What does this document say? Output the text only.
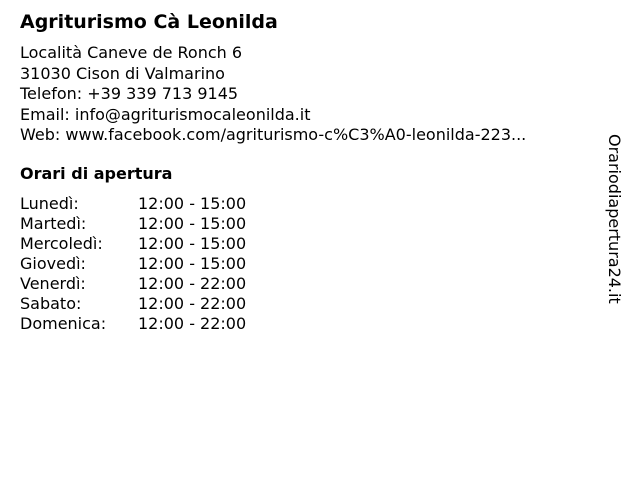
Agriturismo Cà Leonilda
Località Caneve de Ronch 6
31030 Cison di Valmarino
Telefon: +39 339 713 9145
Email: info@agriturismocaleonilda.it
Web: www.facebook.com/agriturismo-c%C3%A0-leonilda-223...
Orari di apertura
Lunedì:	12:00 - 15:00
Martedì:	12:00 - 15:00
Mercoledì:	12:00 - 15:00
Giovedì:	12:00 - 15:00
Venerdì:	12:00 - 22:00
Sabato:	12:00 - 22:00
Domenica:	12:00 - 22:00
Orariodiapertura24.it
